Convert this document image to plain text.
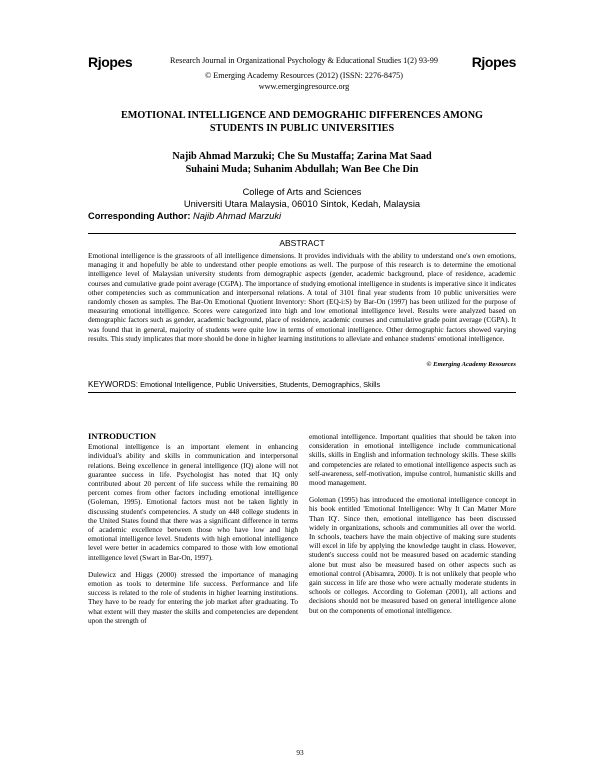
Rjopes	Research Journal in Organizational Psychology & Educational Studies 1(2) 93-99
© Emerging Academy Resources (2012) (ISSN: 2276-8475)
www.emergingresource.org
Rjopes
EMOTIONAL INTELLIGENCE AND DEMOGRAHIC DIFFERENCES AMONG
STUDENTS IN PUBLIC UNIVERSITIES
Najib Ahmad Marzuki; Che Su Mustaffa; Zarina Mat Saad
Suhaini Muda; Suhanim Abdullah; Wan Bee Che Din
College of Arts and Sciences
Universiti Utara Malaysia, 06010 Sintok, Kedah, Malaysia
Corresponding Author: Najib Ahmad Marzuki
ABSTRACT
Emotional intelligence is the grassroots of all intelligence dimensions. It provides individuals with the ability to understand one's own emotions, managing it and hopefully be able to understand other people emotions as well. The purpose of this research is to determine the emotional intelligence level of Malaysian university students from demographic aspects (gender, academic background, place of residence, academic courses and cumulative grade point average (CGPA). The importance of studying emotional intelligence in students is imperative since it indicates other competencies such as communication and interpersonal relations. A total of 3101 final year students from 10 public universities were randomly chosen as samples. The Bar-On Emotional Quotient Inventory: Short (EQ-i:S) by Bar-On (1997) has been utilized for the purpose of measuring emotional intelligence. Scores were categorized into high and low emotional intelligence level. Results were analyzed based on demographic factors such as gender, academic background, place of residence, academic courses and cumulative grade point average (CGPA). It was found that in general, majority of students were quite low in terms of emotional intelligence. Other demographic factors showed varying results. This study implicates that more should be done in higher learning institutions to alleviate and enhance students' emotional intelligence.
© Emerging Academy Resources
KEYWORDS: Emotional Intelligence, Public Universities, Students, Demographics, Skills
INTRODUCTION

Emotional intelligence is an important element in enhancing individual's ability and skills in communication and interpersonal relations. Being excellence in general intelligence (IQ) alone will not guarantee success in life. Psychologist has noted that IQ only contributed about 20 percent of life success while the remaining 80 percent comes from other factors including emotional intelligence (Goleman, 1995). Emotional factors must not be taken lightly in discussing student's competencies. A study on 448 college students in the United States found that there was a significant difference in terms of academic excellence between those who have low and high emotional intelligence level. Students with high emotional intelligence level were better in academics compared to those with low emotional intelligence level (Swart in Bar-On, 1997).

Dulewicz and Higgs (2000) stressed the importance of managing emotion as tools to determine life success. Performance and life success is related to the role of students in higher learning institutions. They have to be ready for entering the job market after graduating. To what extent will they master the skills and competencies are dependent upon the strength of

emotional intelligence. Important qualities that should be taken into consideration in emotional intelligence include communicational skills, skills in English and information technology skills. These skills and competencies are related to emotional intelligence aspects such as self-awareness, self-motivation, impulse control, humanistic skills and mood management.

Goleman (1995) has introduced the emotional intelligence concept in his book entitled 'Emotional Intelligence: Why It Can Matter More Than IQ'. Since then, emotional intelligence has been discussed widely in organizations, schools and communities all over the world. In schools, teachers have the main objective of making sure students will excel in life by applying the knowledge taught in class. However, student's success could not be measured based on academic standing alone but must also be measured based on other aspects such as emotional control (Abisamra, 2000). It is not unlikely that people who gain success in life are those who were actually moderate students in schools or colleges. According to Goleman (2001), all actions and decisions should not be measured based on general intelligence alone but on the components of emotional intelligence.

93
